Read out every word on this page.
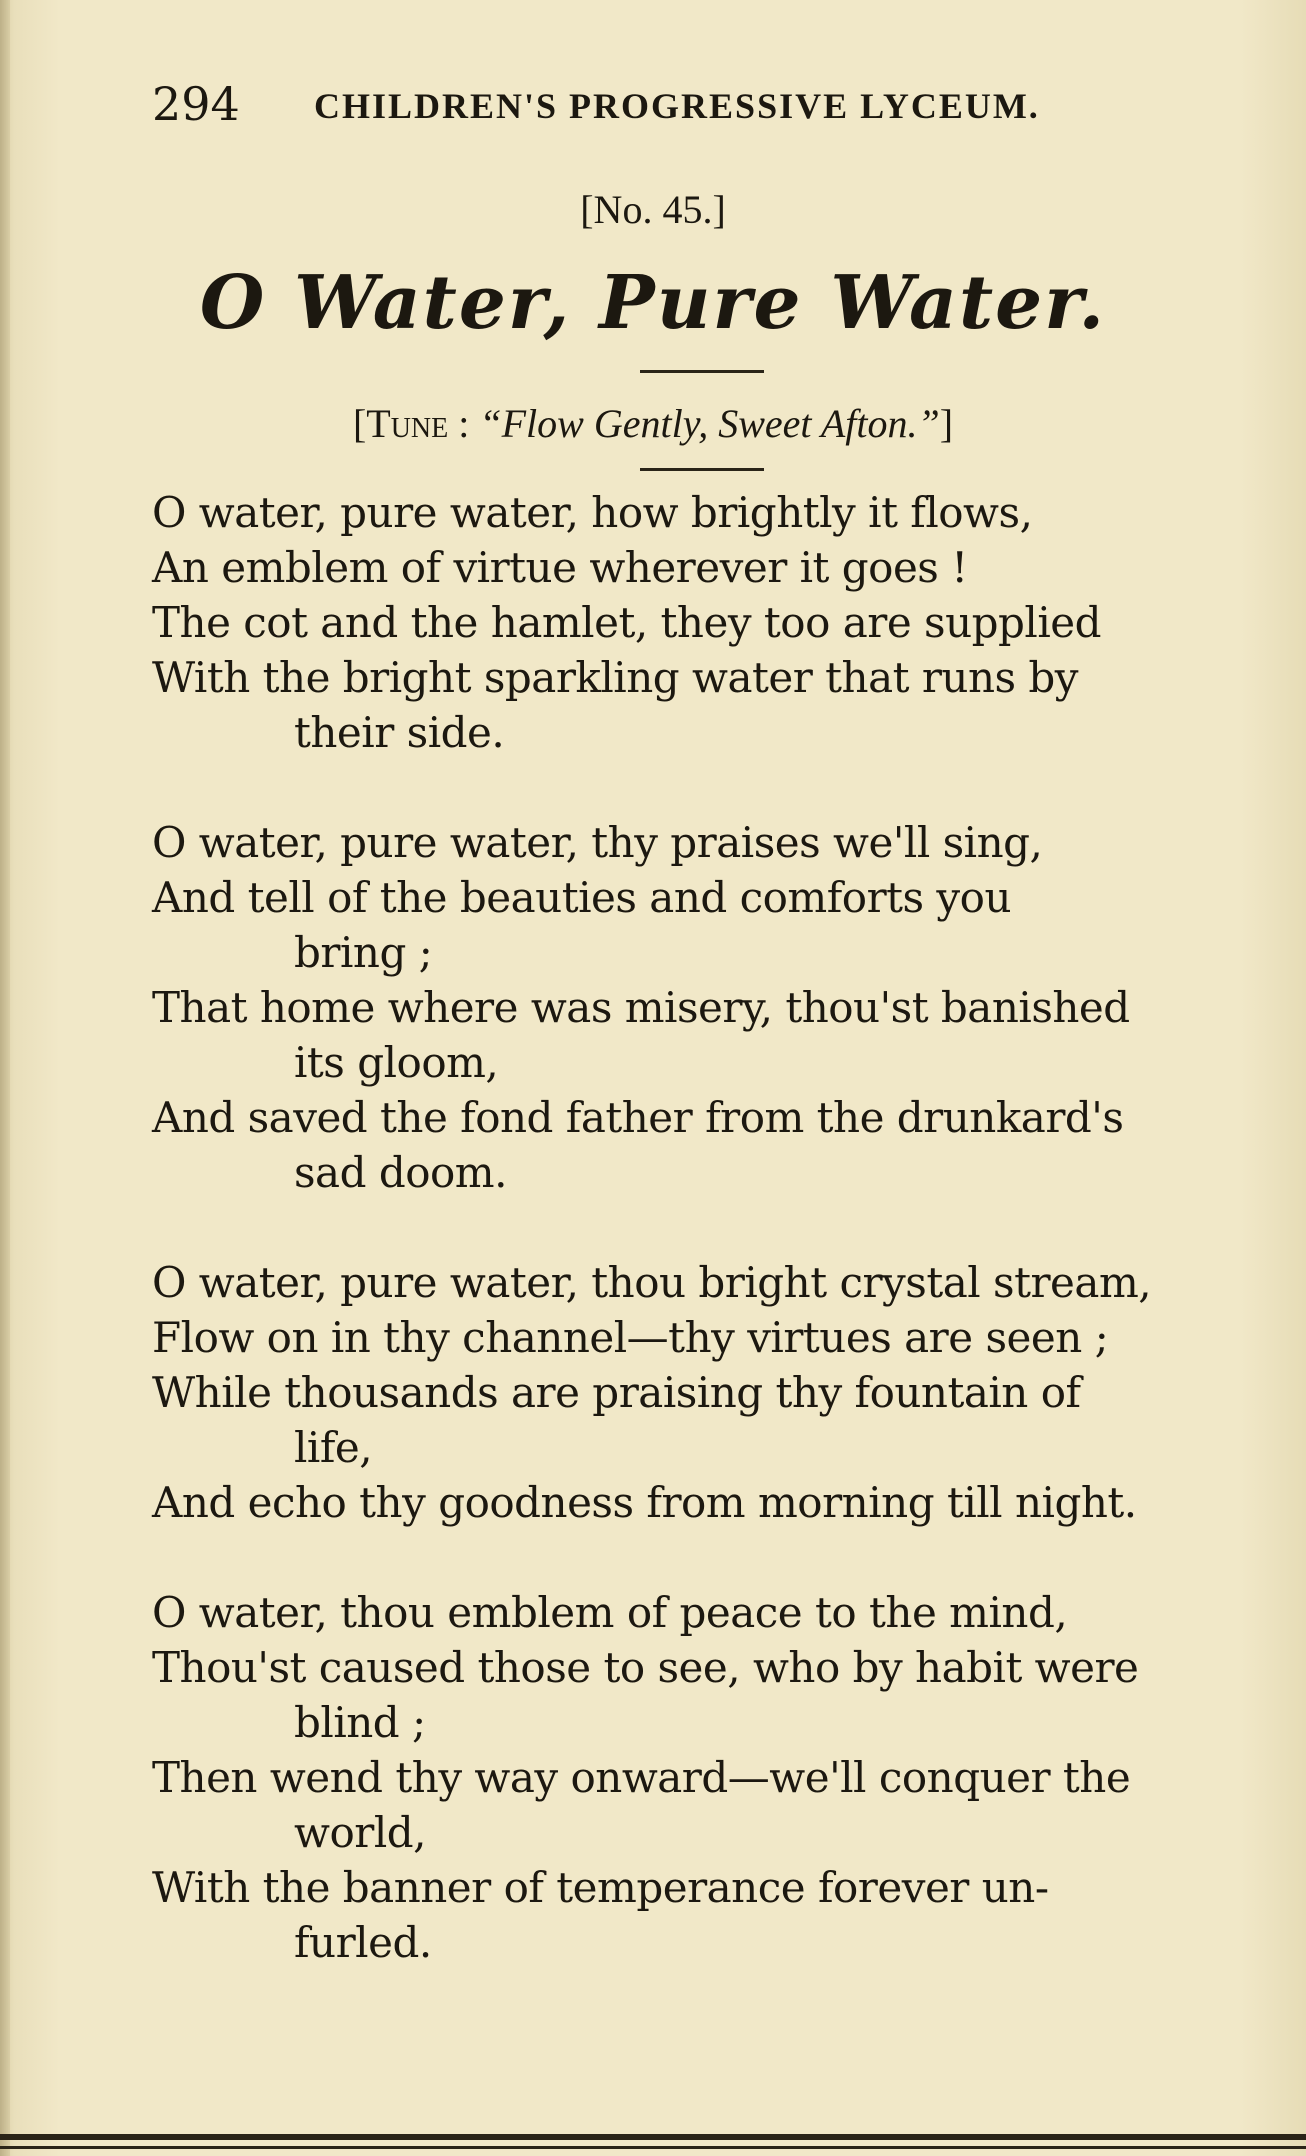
294 CHILDREN'S PROGRESSIVE LYCEUM.
[No. 45.]
O Water, Pure Water.
[Tune : “Flow Gently, Sweet Afton.”]
O water, pure water, how brightly it flows,
An emblem of virtue wherever it goes !
The cot and the hamlet, they too are supplied
With the bright sparkling water that runs by
their side.
O water, pure water, thy praises we'll sing,
And tell of the beauties and comforts you
bring ;
That home where was misery, thou'st banished
its gloom,
And saved the fond father from the drunkard's
sad doom.
O water, pure water, thou bright crystal stream,
Flow on in thy channel—thy virtues are seen ;
While thousands are praising thy fountain of
life,
And echo thy goodness from morning till night.
O water, thou emblem of peace to the mind,
Thou'st caused those to see, who by habit were
blind ;
Then wend thy way onward—we'll conquer the
world,
With the banner of temperance forever un-
furled.
